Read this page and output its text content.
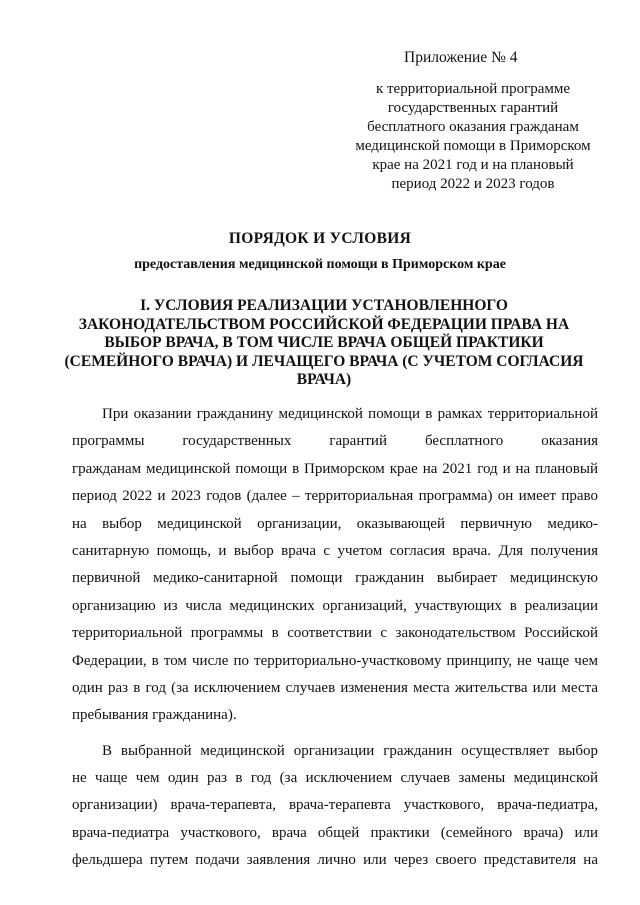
Приложение № 4
к территориальной программе
государственных гарантий
бесплатного оказания гражданам
медицинской помощи в Приморском
крае на 2021 год и на плановый
период 2022 и 2023 годов
ПОРЯДОК И УСЛОВИЯ
предоставления медицинской помощи в Приморском крае
I. УСЛОВИЯ РЕАЛИЗАЦИИ УСТАНОВЛЕННОГО
ЗАКОНОДАТЕЛЬСТВОМ РОССИЙСКОЙ ФЕДЕРАЦИИ ПРАВА НА
ВЫБОР ВРАЧА, В ТОМ ЧИСЛЕ ВРАЧА ОБЩЕЙ ПРАКТИКИ
(СЕМЕЙНОГО ВРАЧА) И ЛЕЧАЩЕГО ВРАЧА (С УЧЕТОМ СОГЛАСИЯ
ВРАЧА)
При оказании гражданину медицинской помощи в рамках территориальной
программы государственных гарантий бесплатного оказания
гражданам медицинской помощи в Приморском крае на 2021 год и на плановый
период 2022 и 2023 годов (далее – территориальная программа) он имеет право
на выбор медицинской организации, оказывающей первичную медико-
санитарную помощь, и выбор врача с учетом согласия врача. Для получения
первичной медико-санитарной помощи гражданин выбирает медицинскую
организацию из числа медицинских организаций, участвующих в реализации
территориальной программы в соответствии с законодательством Российской
Федерации, в том числе по территориально-участковому принципу, не чаще чем
один раз в год (за исключением случаев изменения места жительства или места
пребывания гражданина).
В выбранной медицинской организации гражданин осуществляет выбор
не чаще чем один раз в год (за исключением случаев замены медицинской
организации) врача-терапевта, врача-терапевта участкового, врача-педиатра,
врача-педиатра участкового, врача общей практики (семейного врача) или
фельдшера путем подачи заявления лично или через своего представителя на
